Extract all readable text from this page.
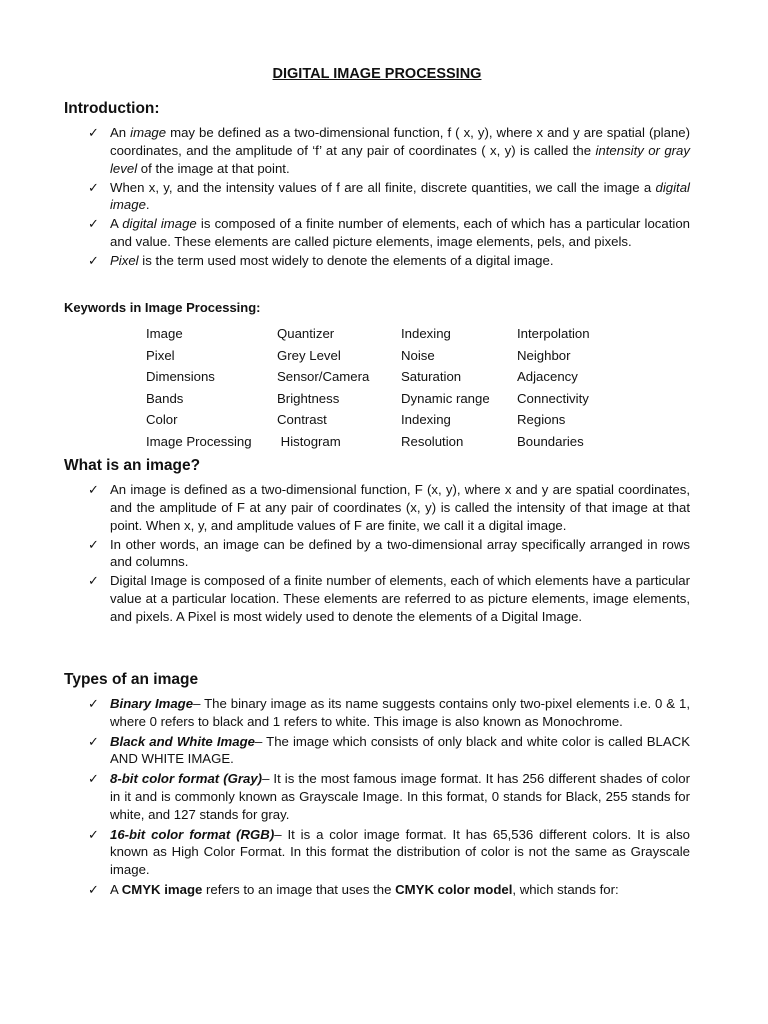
DIGITAL IMAGE PROCESSING
Introduction:
✓ An image may be defined as a two-dimensional function, f ( x, y), where x and y are spatial (plane) coordinates, and the amplitude of ‘f’ at any pair of coordinates ( x, y) is called the intensity or gray level of the image at that point.
✓ When x, y, and the intensity values of f are all finite, discrete quantities, we call the image a digital image.
✓ A digital image is composed of a finite number of elements, each of which has a particular location and value. These elements are called picture elements, image elements, pels, and pixels.
✓ Pixel is the term used most widely to denote the elements of a digital image.
Keywords in Image Processing:
Image	Quantizer	Indexing	Interpolation
Pixel	Grey Level	Noise	Neighbor
Dimensions	Sensor/Camera	Saturation	Adjacency
Bands	Brightness	Dynamic range	Connectivity
Color	Contrast	Indexing	Regions
Image Processing	Histogram	Resolution	Boundaries
What is an image?
✓ An image is defined as a two-dimensional function, F (x, y), where x and y are spatial coordinates, and the amplitude of F at any pair of coordinates (x, y) is called the intensity of that image at that point. When x, y, and amplitude values of F are finite, we call it a digital image.
✓ In other words, an image can be defined by a two-dimensional array specifically arranged in rows and columns.
✓ Digital Image is composed of a finite number of elements, each of which elements have a particular value at a particular location. These elements are referred to as picture elements, image elements, and pixels. A Pixel is most widely used to denote the elements of a Digital Image.
Types of an image
✓ Binary Image– The binary image as its name suggests contains only two-pixel elements i.e. 0 & 1, where 0 refers to black and 1 refers to white. This image is also known as Monochrome.
✓ Black and White Image– The image which consists of only black and white color is called BLACK AND WHITE IMAGE.
✓ 8-bit color format (Gray)– It is the most famous image format. It has 256 different shades of color in it and is commonly known as Grayscale Image. In this format, 0 stands for Black, 255 stands for white, and 127 stands for gray.
✓ 16-bit color format (RGB)– It is a color image format. It has 65,536 different colors. It is also known as High Color Format. In this format the distribution of color is not the same as Grayscale image.
✓ A CMYK image refers to an image that uses the CMYK color model, which stands for:
